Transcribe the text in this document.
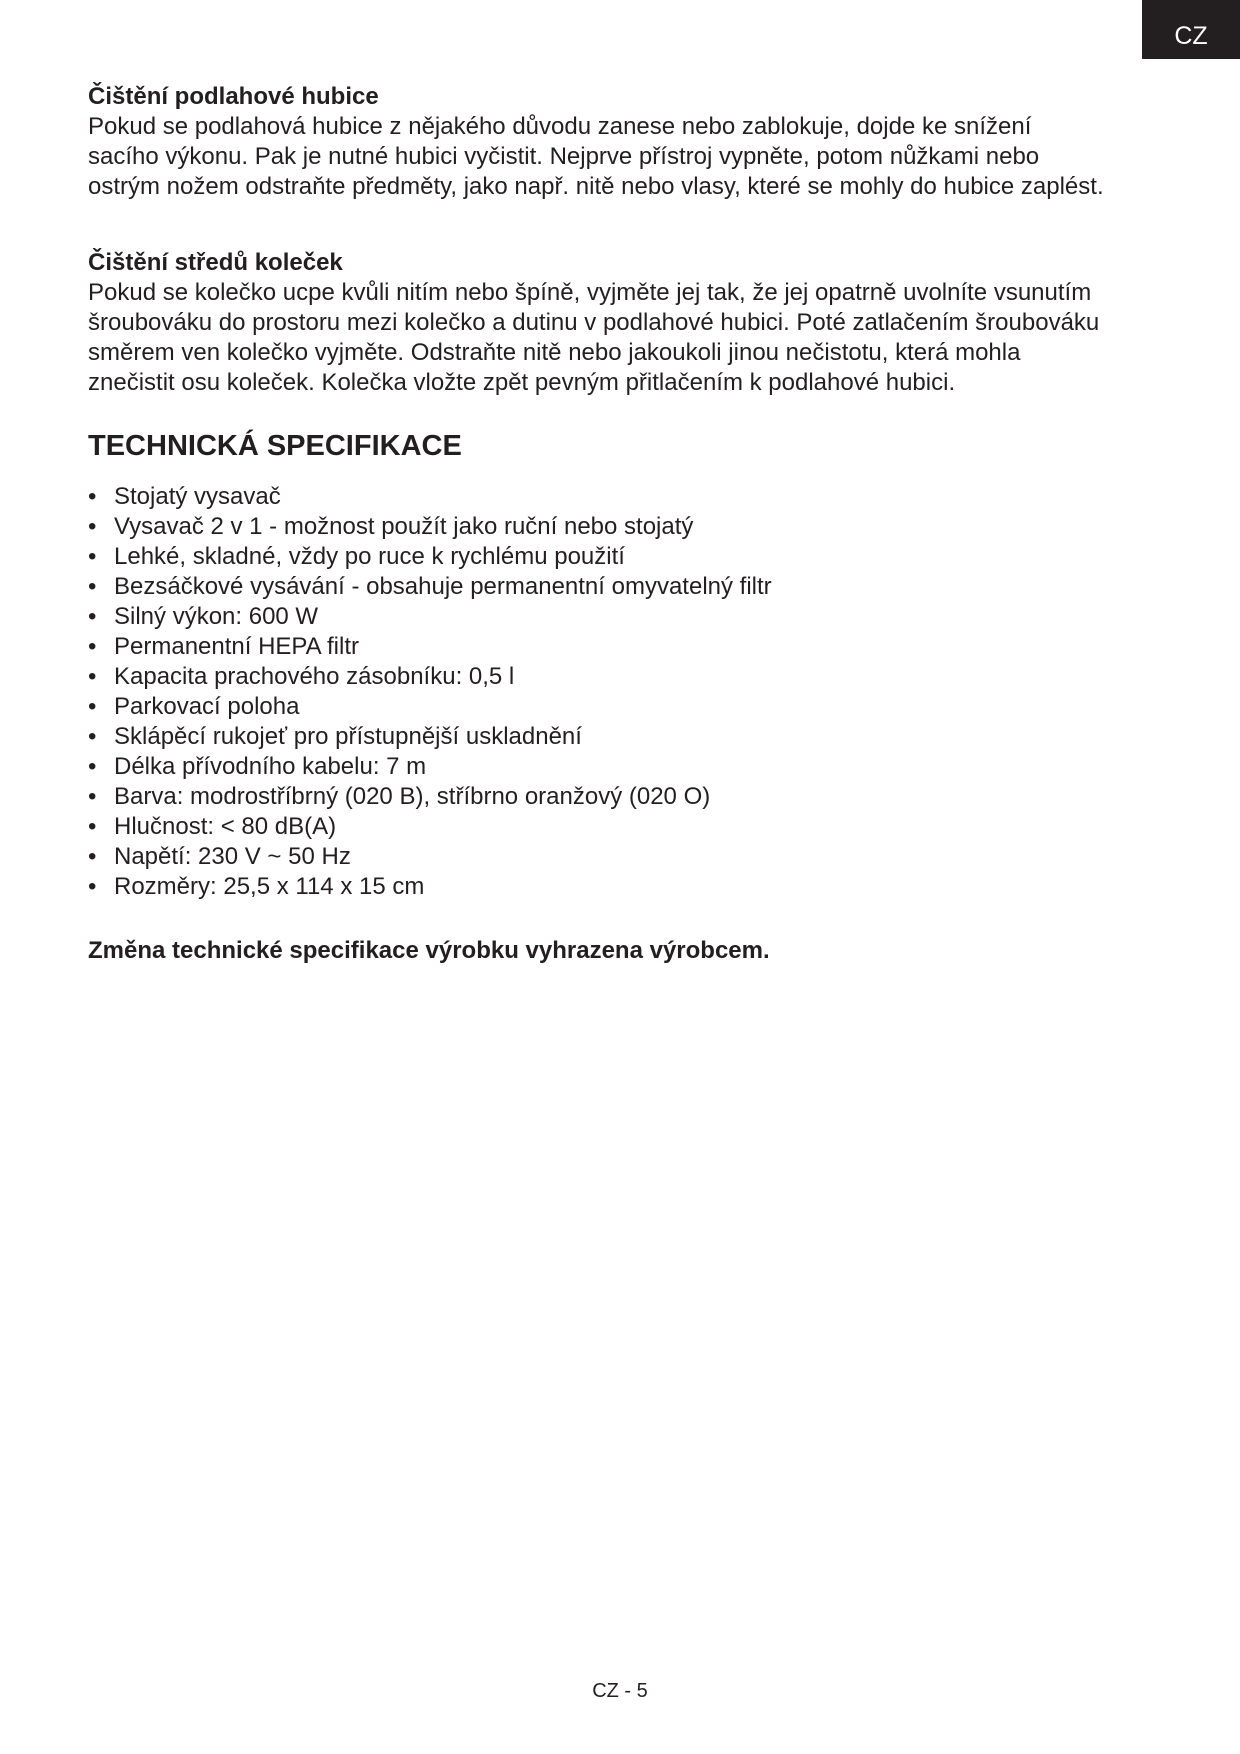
CZ

Čištění podlahové hubice

Pokud se podlahová hubice z nějakého důvodu zanese nebo zablokuje, dojde ke snížení
sacího výkonu. Pak je nutné hubici vyčistit. Nejprve přístroj vypněte, potom nůžkami nebo
ostrým nožem odstraňte předměty, jako např. nitě nebo vlasy, které se mohly do hubice zaplést.

Čištění středů koleček

Pokud se kolečko ucpe kvůli nitím nebo špíně, vyjměte jej tak, že jej opatrně uvolníte vsunutím
šroubováku do prostoru mezi kolečko a dutinu v podlahové hubici. Poté zatlačením šroubováku
směrem ven kolečko vyjměte. Odstraňte nitě nebo jakoukoli jinou nečistotu, která mohla
znečistit osu koleček. Kolečka vložte zpět pevným přitlačením k podlahové hubici.

TECHNICKÁ SPECIFIKACE
• Stojatý vysavač
• Vysavač 2 v 1 - možnost použít jako ruční nebo stojatý
• Lehké, skladné, vždy po ruce k rychlému použití
• Bezsáčkové vysávání - obsahuje permanentní omyvatelný filtr
• Silný výkon: 600 W
• Permanentní HEPA filtr
• Kapacita prachového zásobníku: 0,5 l
• Parkovací poloha
• Sklápěcí rukojeť pro přístupnější uskladnění
• Délka přívodního kabelu: 7 m
• Barva: modrostříbrný (020 B), stříbrno oranžový (020 O)
• Hlučnost: < 80 dB(A)
• Napětí: 230 V ~ 50 Hz
• Rozměry: 25,5 x 114 x 15 cm

Změna technické specifikace výrobku vyhrazena výrobcem.

CZ - 5
